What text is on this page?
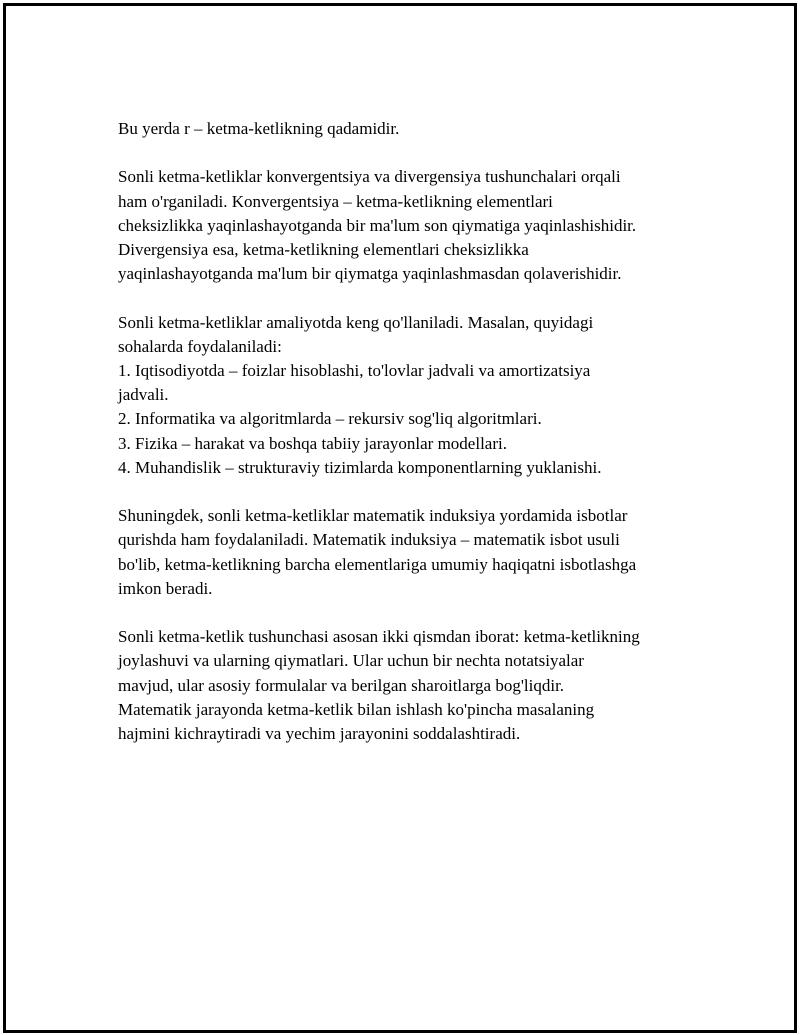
Bu yerda r – ketma-ketlikning qadamidir.

Sonli ketma-ketliklar konvergentsiya va divergensiya tushunchalari orqali
ham o'rganiladi. Konvergentsiya – ketma-ketlikning elementlari
cheksizlikka yaqinlashayotganda bir ma'lum son qiymatiga yaqinlashishidir.
Divergensiya esa, ketma-ketlikning elementlari cheksizlikka
yaqinlashayotganda ma'lum bir qiymatga yaqinlashmasdan qolaverishidir.

Sonli ketma-ketliklar amaliyotda keng qo'llaniladi. Masalan, quyidagi
sohalarda foydalaniladi:
1. Iqtisodiyotda – foizlar hisoblashi, to'lovlar jadvali va amortizatsiya
jadvali.
2. Informatika va algoritmlarda – rekursiv sog'liq algoritmlari.
3. Fizika – harakat va boshqa tabiiy jarayonlar modellari.
4. Muhandislik – strukturaviy tizimlarda komponentlarning yuklanishi.

Shuningdek, sonli ketma-ketliklar matematik induksiya yordamida isbotlar
qurishda ham foydalaniladi. Matematik induksiya – matematik isbot usuli
bo'lib, ketma-ketlikning barcha elementlariga umumiy haqiqatni isbotlashga
imkon beradi.

Sonli ketma-ketlik tushunchasi asosan ikki qismdan iborat: ketma-ketlikning
joylashuvi va ularning qiymatlari. Ular uchun bir nechta notatsiyalar
mavjud, ular asosiy formulalar va berilgan sharoitlarga bog'liqdir.
Matematik jarayonda ketma-ketlik bilan ishlash ko'pincha masalaning
hajmini kichraytiradi va yechim jarayonini soddalashtiradi.
